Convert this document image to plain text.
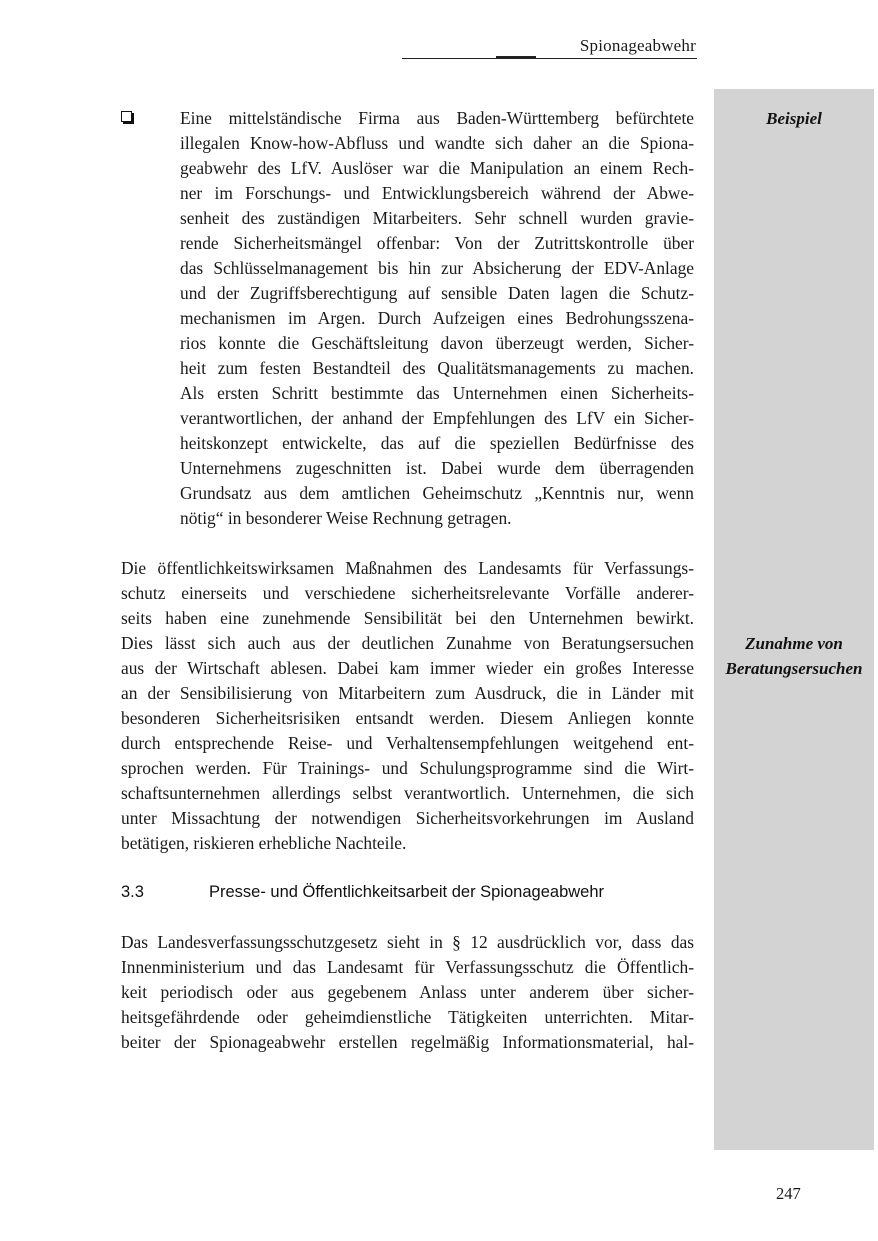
Spionageabwehr
Beispiel
Zunahme von Beratungsersuchen
Eine mittelständische Firma aus Baden-Württemberg befürchtete
illegalen Know-how-Abfluss und wandte sich daher an die Spiona-
geabwehr des LfV. Auslöser war die Manipulation an einem Rech-
ner im Forschungs- und Entwicklungsbereich während der Abwe-
senheit des zuständigen Mitarbeiters. Sehr schnell wurden gravie-
rende Sicherheitsmängel offenbar: Von der Zutrittskontrolle über
das Schlüsselmanagement bis hin zur Absicherung der EDV-Anlage
und der Zugriffsberechtigung auf sensible Daten lagen die Schutz-
mechanismen im Argen. Durch Aufzeigen eines Bedrohungsszena-
rios konnte die Geschäftsleitung davon überzeugt werden, Sicher-
heit zum festen Bestandteil des Qualitätsmanagements zu machen.
Als ersten Schritt bestimmte das Unternehmen einen Sicherheits-
verantwortlichen, der anhand der Empfehlungen des LfV ein Sicher-
heitskonzept entwickelte, das auf die speziellen Bedürfnisse des
Unternehmens zugeschnitten ist. Dabei wurde dem überragenden
Grundsatz aus dem amtlichen Geheimschutz „Kenntnis nur, wenn
nötig“ in besonderer Weise Rechnung getragen.
Die öffentlichkeitswirksamen Maßnahmen des Landesamts für Verfassungs-
schutz einerseits und verschiedene sicherheitsrelevante Vorfälle anderer-
seits haben eine zunehmende Sensibilität bei den Unternehmen bewirkt.
Dies lässt sich auch aus der deutlichen Zunahme von Beratungsersuchen
aus der Wirtschaft ablesen. Dabei kam immer wieder ein großes Interesse
an der Sensibilisierung von Mitarbeitern zum Ausdruck, die in Länder mit
besonderen Sicherheitsrisiken entsandt werden. Diesem Anliegen konnte
durch entsprechende Reise- und Verhaltensempfehlungen weitgehend ent-
sprochen werden. Für Trainings- und Schulungsprogramme sind die Wirt-
schaftsunternehmen allerdings selbst verantwortlich. Unternehmen, die sich
unter Missachtung der notwendigen Sicherheitsvorkehrungen im Ausland
betätigen, riskieren erhebliche Nachteile.
3.3	Presse- und Öffentlichkeitsarbeit der Spionageabwehr
Das Landesverfassungsschutzgesetz sieht in § 12 ausdrücklich vor, dass das
Innenministerium und das Landesamt für Verfassungsschutz die Öffentlich-
keit periodisch oder aus gegebenem Anlass unter anderem über sicher-
heitsgefährdende oder geheimdienstliche Tätigkeiten unterrichten. Mitar-
beiter der Spionageabwehr erstellen regelmäßig Informationsmaterial, hal-
247
